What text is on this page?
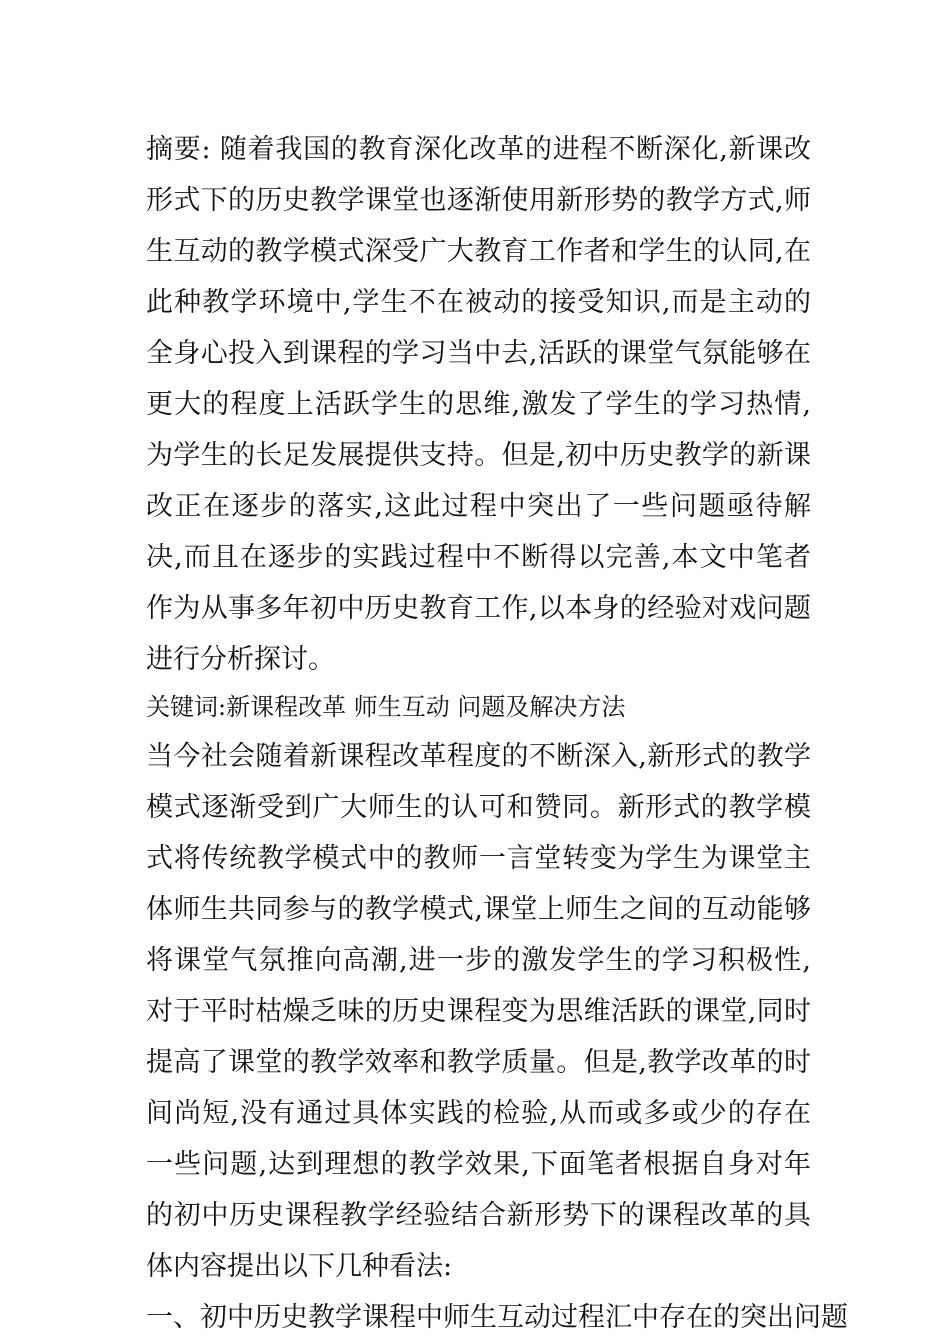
摘要: 随着我国的教育深化改革的进程不断深化,新课改形式下的历史教学课堂也逐渐使用新形势的教学方式,师生互动的教学模式深受广大教育工作者和学生的认同,在此种教学环境中,学生不在被动的接受知识,而是主动的全身心投入到课程的学习当中去,活跃的课堂气氛能够在更大的程度上活跃学生的思维,激发了学生的学习热情,为学生的长足发展提供支持。但是,初中历史教学的新课改正在逐步的落实,这此过程中突出了一些问题亟待解决,而且在逐步的实践过程中不断得以完善,本文中笔者作为从事多年初中历史教育工作,以本身的经验对戏问题进行分析探讨。

关键词:新课程改革 师生互动 问题及解决方法

当今社会随着新课程改革程度的不断深入,新形式的教学模式逐渐受到广大师生的认可和赞同。新形式的教学模式将传统教学模式中的教师一言堂转变为学生为课堂主体师生共同参与的教学模式,课堂上师生之间的互动能够将课堂气氛推向高潮,进一步的激发学生的学习积极性,对于平时枯燥乏味的历史课程变为思维活跃的课堂,同时提高了课堂的教学效率和教学质量。但是,教学改革的时间尚短,没有通过具体实践的检验,从而或多或少的存在一些问题,达到理想的教学效果,下面笔者根据自身对年的初中历史课程教学经验结合新形势下的课程改革的具体内容提出以下几种看法:

一、初中历史教学课程中师生互动过程汇中存在的突出问题
